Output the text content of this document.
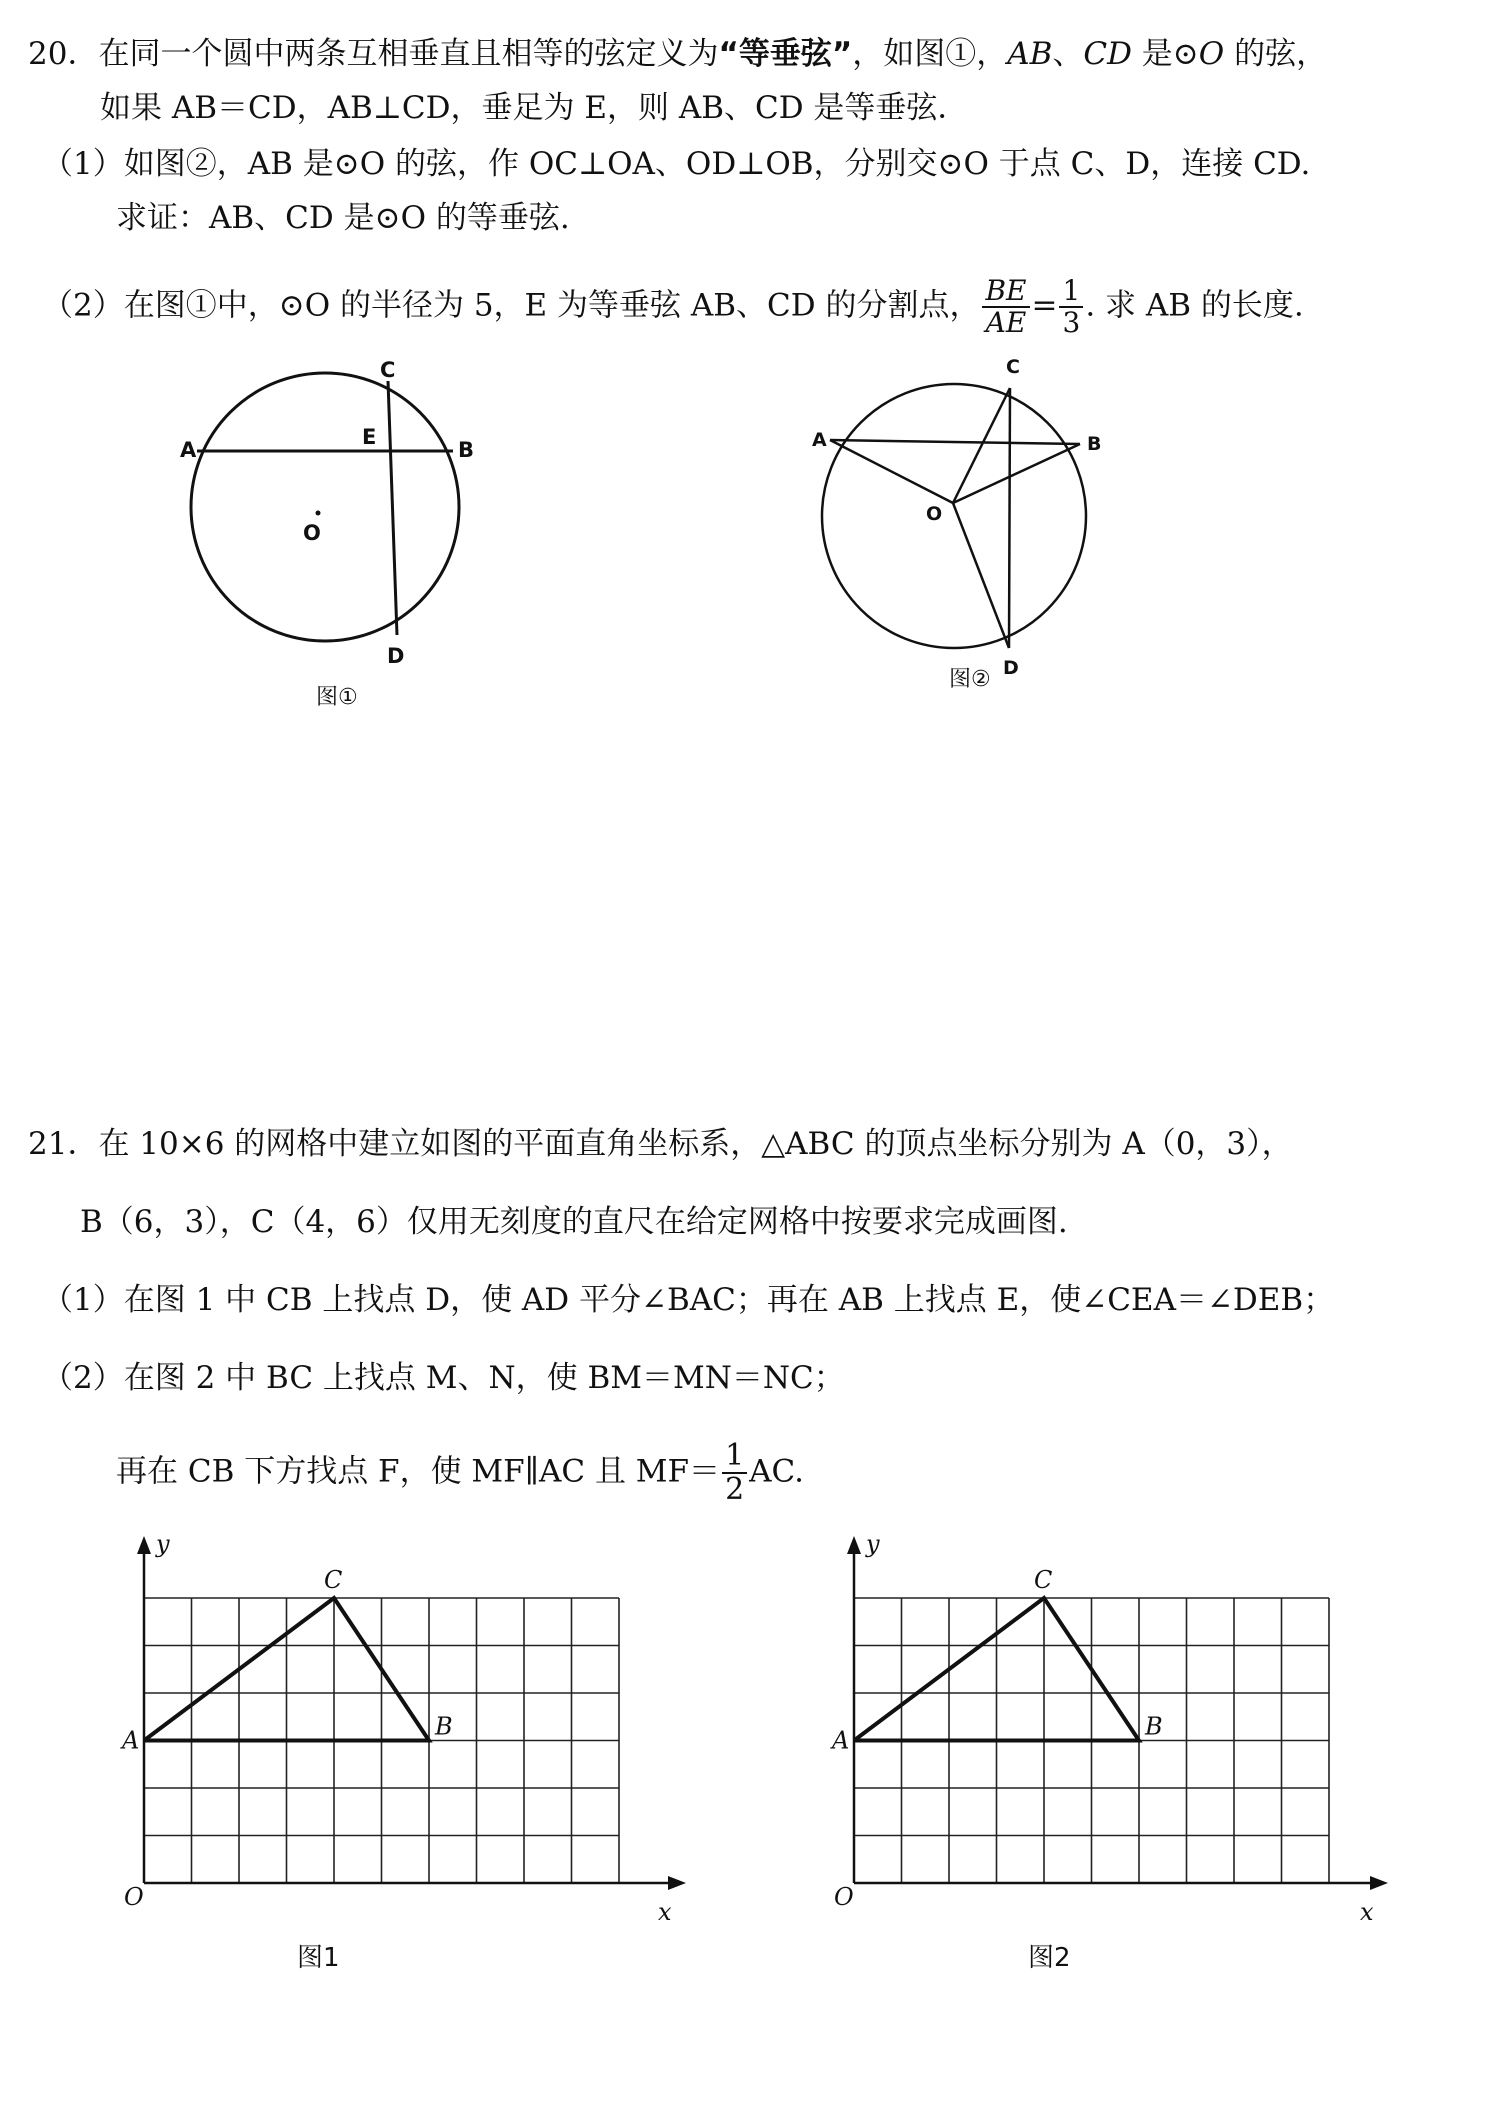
20．在同一个圆中两条互相垂直且相等的弦定义为“等垂弦”，如图①，AB、CD 是⊙O 的弦，
如果 AB＝CD，AB⊥CD，垂足为 E，则 AB、CD 是等垂弦．
（1）如图②，AB 是⊙O 的弦，作 OC⊥OA、OD⊥OB，分别交⊙O 于点 C、D，连接 CD.
求证：AB、CD 是⊙O 的等垂弦.
（2）在图①中，⊙O 的半径为 5，E 为等垂弦 AB、CD 的分割点， $\frac{BE}{AE} = \frac{1}{3}$ . 求 AB 的长度.
C
E
A	B
O
D
图①
C
A	B
O
D
图②
21．在 10×6 的网格中建立如图的平面直角坐标系，△ABC 的顶点坐标分别为 A（0，3），
B（6，3），C（4，6）仅用无刻度的直尺在给定网格中按要求完成画图.
（1）在图 1 中 CB 上找点 D，使 AD 平分∠BAC；再在 AB 上找点 E，使∠CEA＝∠DEB；
（2）在图 2 中 BC 上找点 M、N，使 BM＝MN＝NC；
再在 CB 下方找点 F，使 MF∥AC 且 $MF= \frac{1}{2}$ AC.
y
x
O
A	B
C
图1
y
x
O
A	B
C
图2
